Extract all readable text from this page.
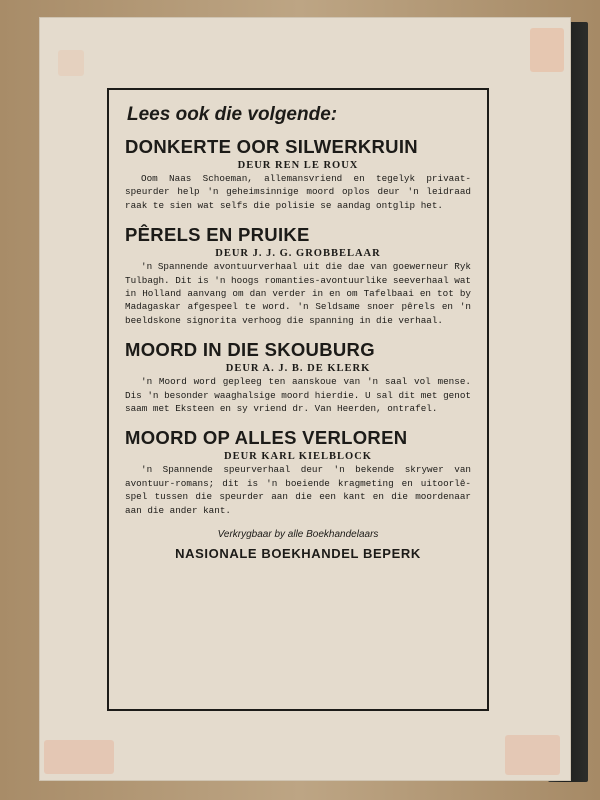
Lees ook die volgende:

DONKERTE OOR SILWERKRUIN

DEUR REN LE ROUX

Oom Naas Schoeman, allemansvriend en tegelyk privaat-speurder help 'n geheimsinnige moord oplos deur 'n leidraad raak te sien wat selfs die polisie se aandag ontglip het.

PÊRELS EN PRUIKE

DEUR J. J. G. GROBBELAAR

'n Spannende avontuurverhaal uit die dae van goewerneur Ryk Tulbagh. Dit is 'n hoogs romanties-avontuurlike seeverhaal wat in Holland aanvang om dan verder in en om Tafelbaai en tot by Madagaskar afgespeel te word. 'n Seldsame snoer pêrels en 'n beeldskone signorita verhoog die spanning in die verhaal.

MOORD IN DIE SKOUBURG

DEUR A. J. B. DE KLERK

'n Moord word gepleeg ten aanskoue van 'n saal vol mense. Dis 'n besonder waaghalsige moord hierdie. U sal dit met genot saam met Eksteen en sy vriend dr. Van Heerden, ontrafel.

MOORD OP ALLES VERLOREN

DEUR KARL KIELBLOCK

'n Spannende speurverhaal deur 'n bekende skrywer van avontuur-romans; dit is 'n boeiende kragmeting en uitoorlê-spel tussen die speurder aan die een kant en die moordenaar aan die ander kant.

Verkrygbaar by alle Boekhandelaars

NASIONALE BOEKHANDEL BEPERK
